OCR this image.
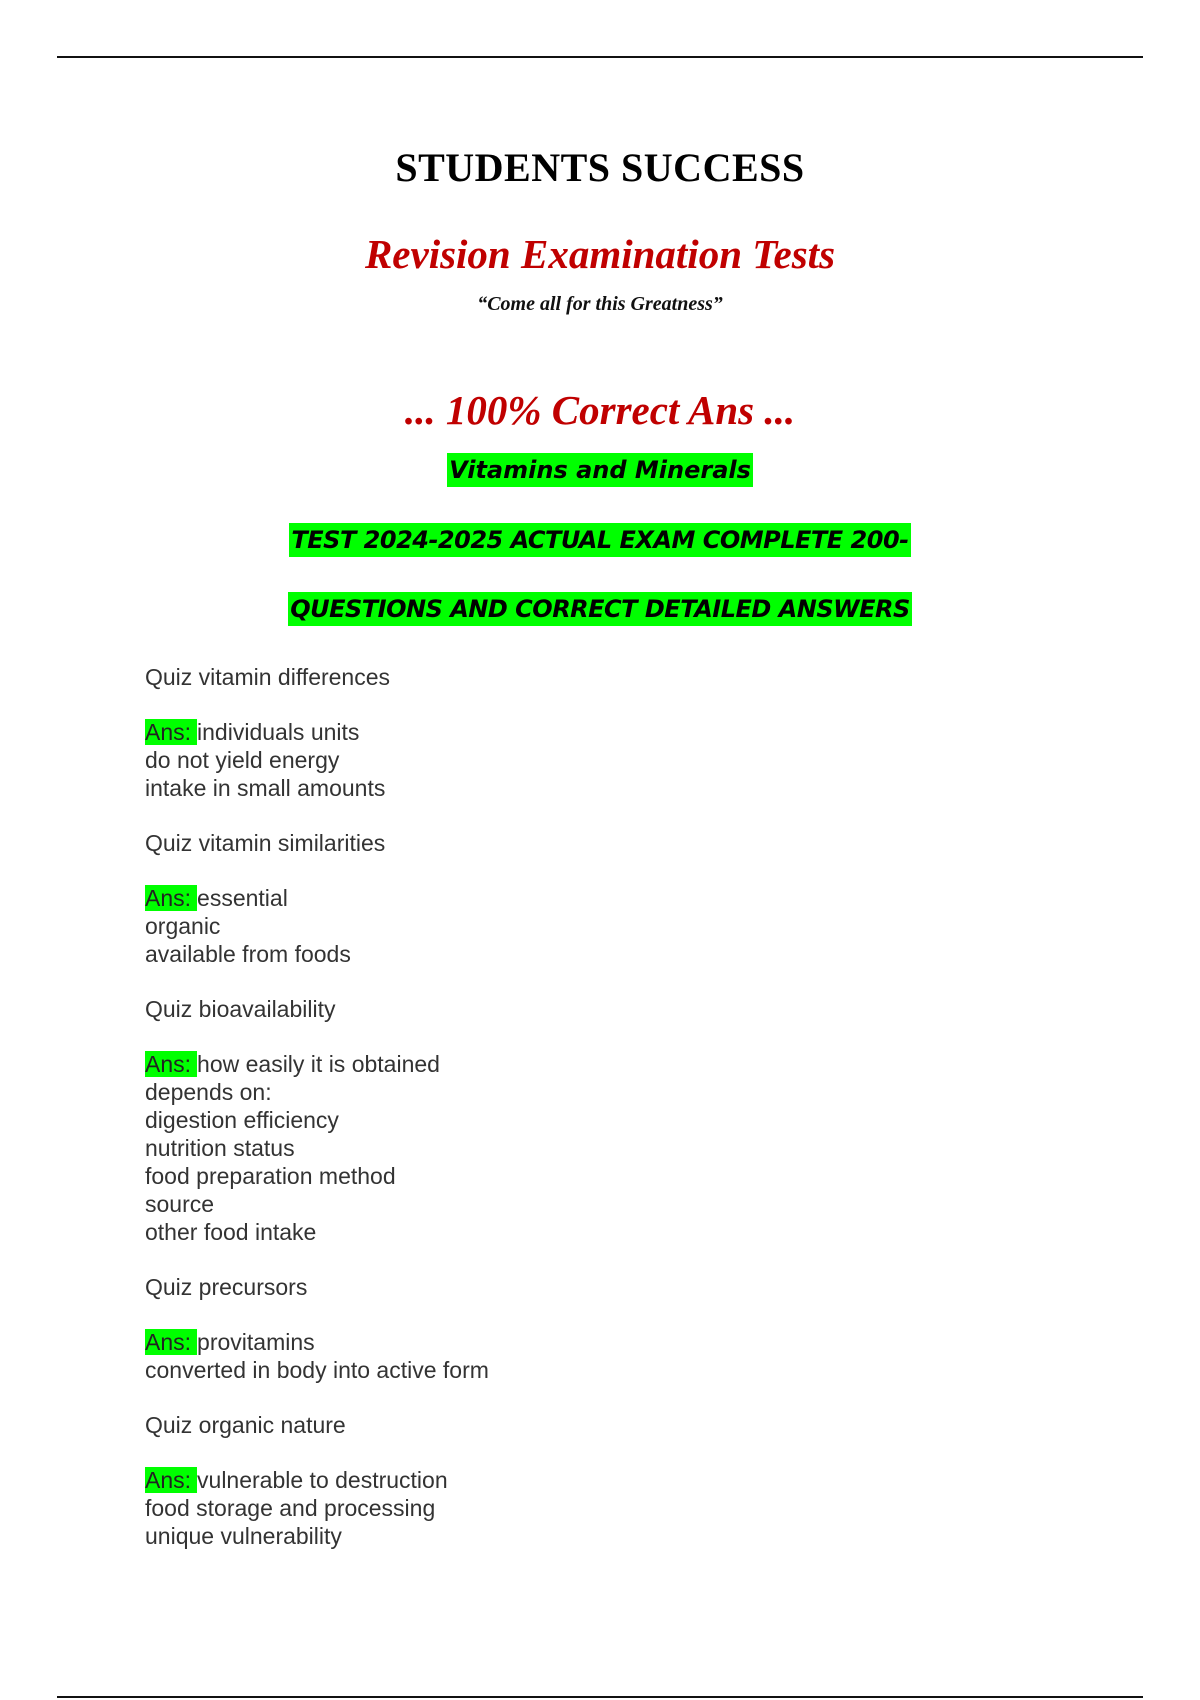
STUDENTS SUCCESS
Revision Examination Tests
“Come all for this Greatness”
... 100% Correct Ans ...
Vitamins and Minerals
TEST 2024-2025 ACTUAL EXAM COMPLETE 200-
QUESTIONS AND CORRECT DETAILED ANSWERS
Quiz vitamin differences
Ans: individuals units
do not yield energy
intake in small amounts
Quiz vitamin similarities
Ans: essential
organic
available from foods
Quiz bioavailability
Ans: how easily it is obtained
depends on:
digestion efficiency
nutrition status
food preparation method
source
other food intake
Quiz precursors
Ans: provitamins
converted in body into active form
Quiz organic nature
Ans: vulnerable to destruction
food storage and processing
unique vulnerability
